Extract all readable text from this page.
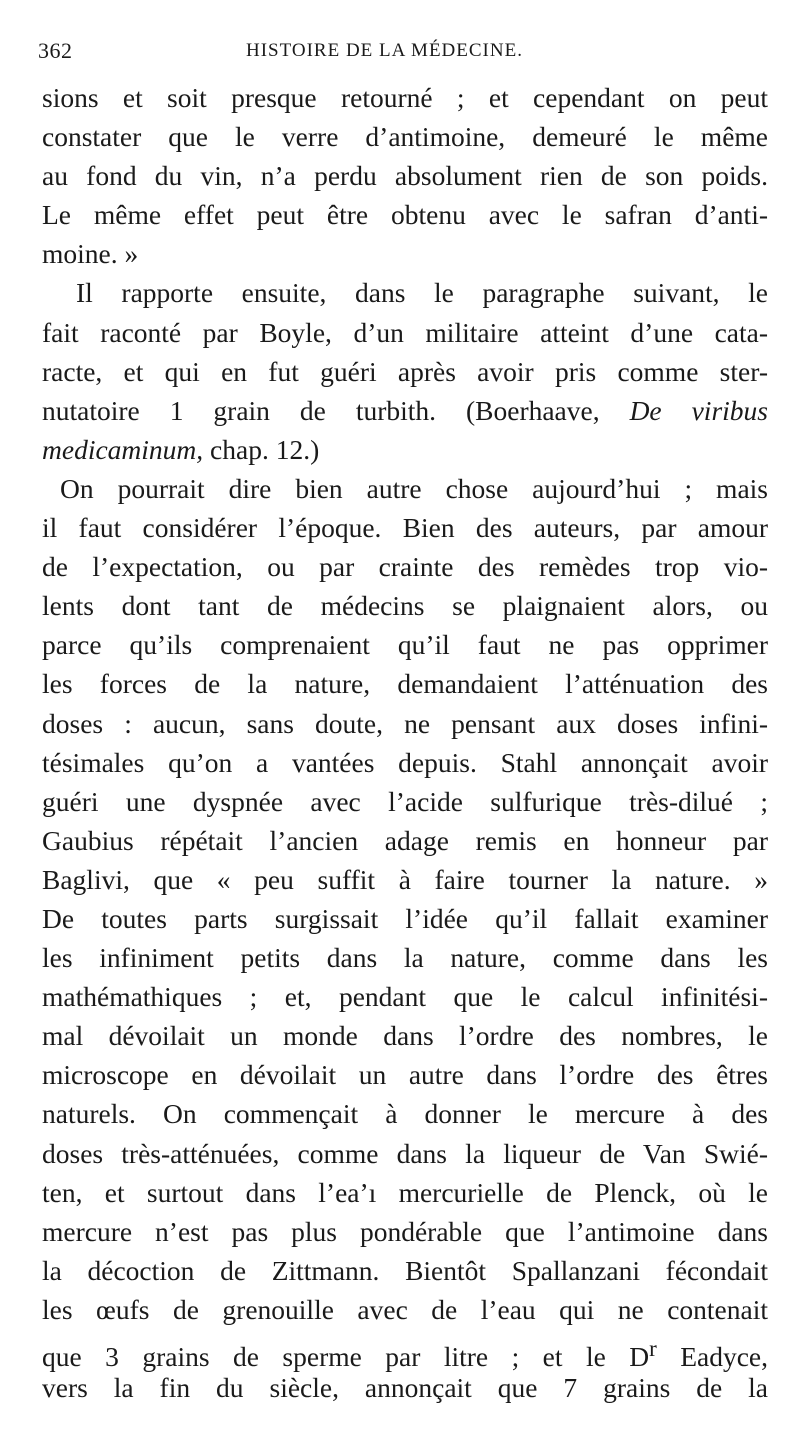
362	HISTOIRE DE LA MÉDECINE.
sions et soit presque retourné ; et cependant on peut
constater que le verre d’antimoine, demeuré le même
au fond du vin, n’a perdu absolument rien de son poids.
Le même effet peut être obtenu avec le safran d’anti-
moine. »
Il rapporte ensuite, dans le paragraphe suivant, le
fait raconté par Boyle, d’un militaire atteint d’une cata-
racte, et qui en fut guéri après avoir pris comme ster-
nutatoire 1 grain de turbith. (Boerhaave, De viribus
medicaminum, chap. 12.)
On pourrait dire bien autre chose aujourd’hui ; mais
il faut considérer l’époque. Bien des auteurs, par amour
de l’expectation, ou par crainte des remèdes trop vio-
lents dont tant de médecins se plaignaient alors, ou
parce qu’ils comprenaient qu’il faut ne pas opprimer
les forces de la nature, demandaient l’atténuation des
doses : aucun, sans doute, ne pensant aux doses infini-
tésimales qu’on a vantées depuis. Stahl annonçait avoir
guéri une dyspnée avec l’acide sulfurique très-dilué ;
Gaubius répétait l’ancien adage remis en honneur par
Baglivi, que « peu suffit à faire tourner la nature. »
De toutes parts surgissait l’idée qu’il fallait examiner
les infiniment petits dans la nature, comme dans les
mathémathiques ; et, pendant que le calcul infinitési-
mal dévoilait un monde dans l’ordre des nombres, le
microscope en dévoilait un autre dans l’ordre des êtres
naturels. On commençait à donner le mercure à des
doses très-atténuées, comme dans la liqueur de Van Swié-
ten, et surtout dans l’ea’ı mercurielle de Plenck, où le
mercure n’est pas plus pondérable que l’antimoine dans
la décoction de Zittmann. Bientôt Spallanzani fécondait
les œufs de grenouille avec de l’eau qui ne contenait
que 3 grains de sperme par litre ; et le $D^r$ Eadyce,
vers la fin du siècle, annonçait que 7 grains de la
